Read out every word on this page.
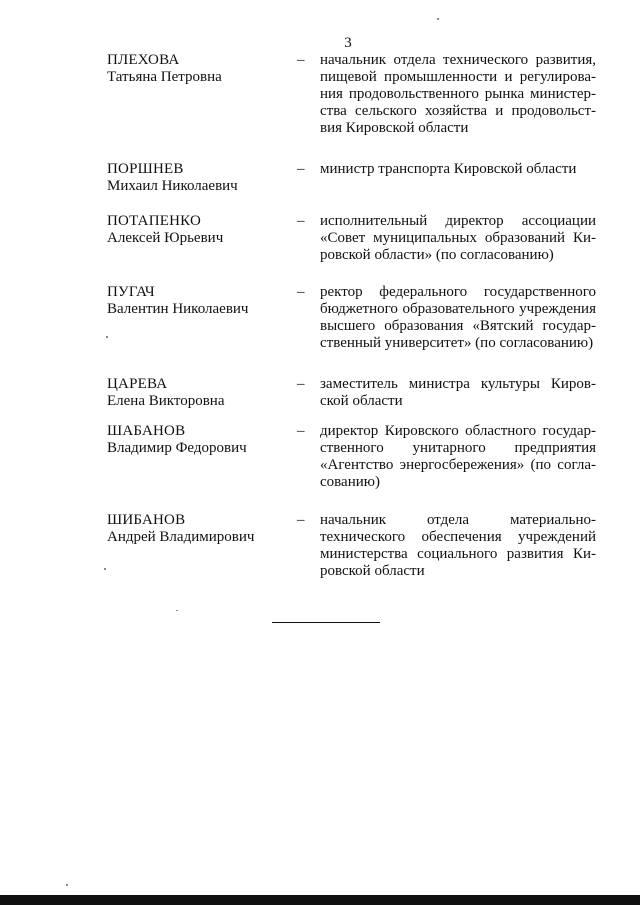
3
ПЛЕХОВА
Татьяна Петровна
–	начальник отдела технического развития,
пищевой промышленности и регулирова-
ния продовольственного рынка министер-
ства сельского хозяйства и продовольст-
вия Кировской области
ПОРШНЕВ
Михаил Николаевич
–	министр транспорта Кировской области
ПОТАПЕНКО
Алексей Юрьевич
–	исполнительный директор ассоциации
«Совет муниципальных образований Ки-
ровской области» (по согласованию)
ПУГАЧ
Валентин Николаевич
–	ректор федерального государственного
бюджетного образовательного учреждения
высшего образования «Вятский государ-
ственный университет» (по согласованию)
ЦАРЕВА
Елена Викторовна
–	заместитель министра культуры Киров-
ской области
ШАБАНОВ
Владимир Федорович
–	директор Кировского областного государ-
ственного унитарного предприятия
«Агентство энергосбережения» (по согла-
сованию)
ШИБАНОВ
Андрей Владимирович
–	начальник отдела материально-
технического обеспечения учреждений
министерства социального развития Ки-
ровской области
